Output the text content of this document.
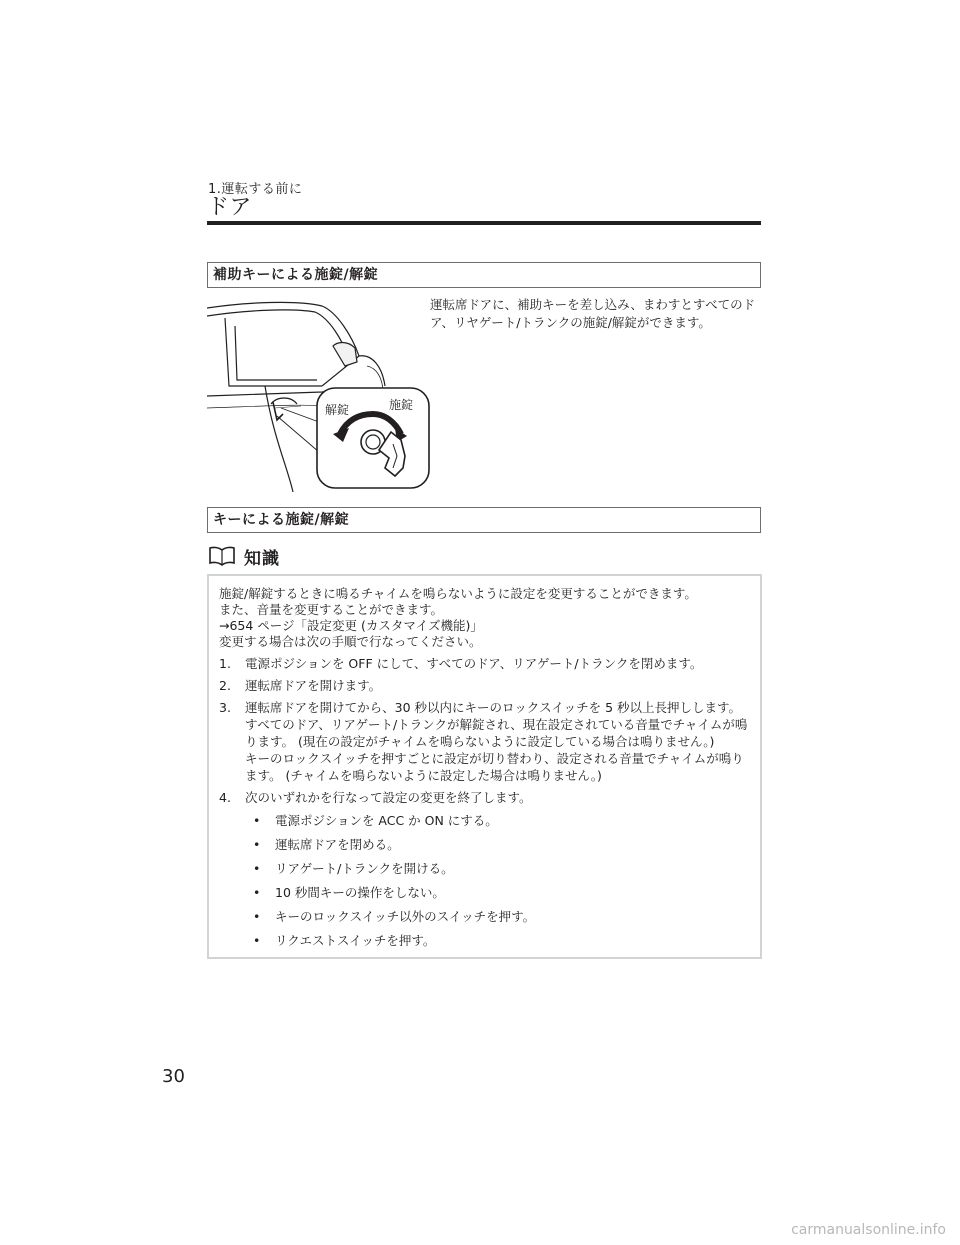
1.運転する前に
ドア
補助キーによる施錠/解錠
解錠	施錠
運転席ドアに、補助キーを差し込み、まわすとすべてのドア、リヤゲート/トランクの施錠/解錠ができます。
キーによる施錠/解錠
知識
施錠/解錠するときに鳴るチャイムを鳴らないように設定を変更することができます。
また、音量を変更することができます。
→654 ページ「設定変更 (カスタマイズ機能)」
変更する場合は次の手順で行なってください。
1. 電源ポジションを OFF にして、すべてのドア、リアゲート/トランクを閉めます。
2. 運転席ドアを開けます。
3. 運転席ドアを開けてから、30 秒以内にキーのロックスイッチを 5 秒以上長押しします。すべてのドア、リアゲート/トランクが解錠され、現在設定されている音量でチャイムが鳴ります。 (現在の設定がチャイムを鳴らないように設定している場合は鳴りません。)
キーのロックスイッチを押すごとに設定が切り替わり、設定される音量でチャイムが鳴ります。 (チャイムを鳴らないように設定した場合は鳴りません。)
4. 次のいずれかを行なって設定の変更を終了します。
• 電源ポジションを ACC か ON にする。
• 運転席ドアを閉める。
• リアゲート/トランクを開ける。
• 10 秒間キーの操作をしない。
• キーのロックスイッチ以外のスイッチを押す。
• リクエストスイッチを押す。
30
carmanualsonline.info
